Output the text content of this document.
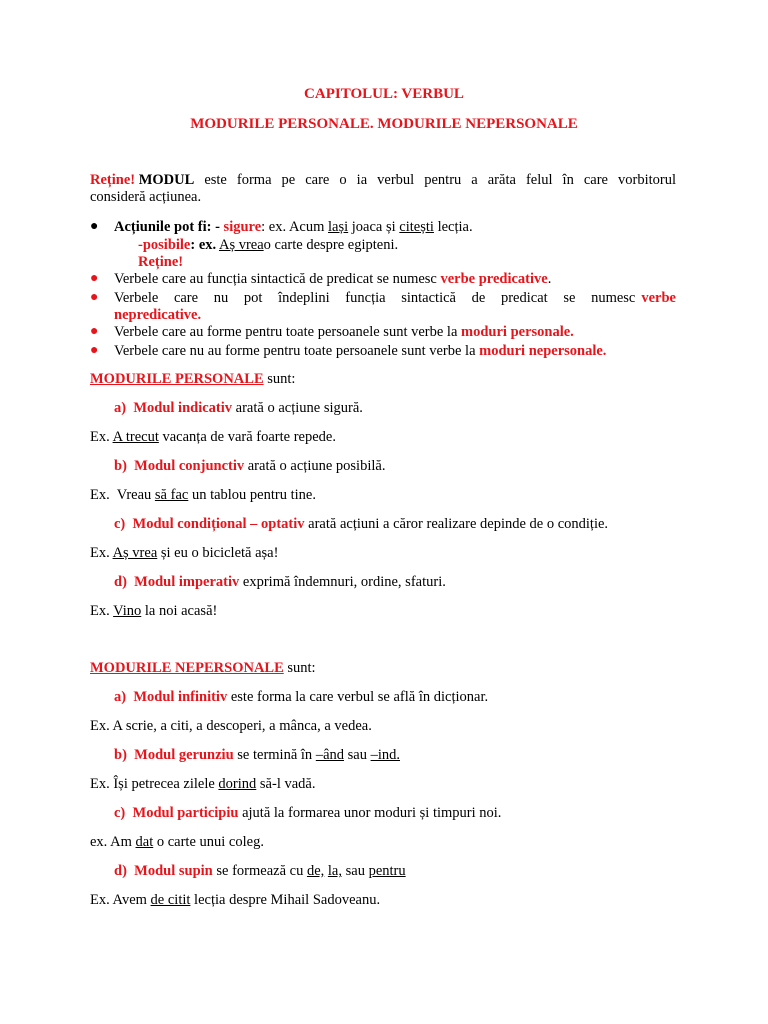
CAPITOLUL: VERBUL
MODURILE PERSONALE. MODURILE NEPERSONALE
Reține! MODUL este forma pe care o ia verbul pentru a arăta felul în care vorbitorul
consideră acțiunea.
● Acțiunile pot fi: - sigure: ex. Acum lași joaca și citești lecția.
-posibile: ex. Aș vreao carte despre egipteni.
Reține!
● Verbele care au funcția sintactică de predicat se numesc verbe predicative.
● Verbele care nu pot îndeplini funcția sintactică de predicat se numesc verbe
nepredicative.
● Verbele care au forme pentru toate persoanele sunt verbe la moduri personale.
● Verbele care nu au forme pentru toate persoanele sunt verbe la moduri nepersonale.
MODURILE PERSONALE sunt:
a) Modul indicativ arată o acțiune sigură.
Ex. A trecut vacanța de vară foarte repede.
b) Modul conjunctiv arată o acțiune posibilă.
Ex.  Vreau să fac un tablou pentru tine.
c) Modul condițional – optativ arată acțiuni a căror realizare depinde de o condiție.
Ex. Aș vrea și eu o bicicletă așa!
d) Modul imperativ exprimă îndemnuri, ordine, sfaturi.
Ex. Vino la noi acasă!
MODURILE NEPERSONALE sunt:
a) Modul infinitiv este forma la care verbul se află în dicționar.
Ex. A scrie, a citi, a descoperi, a mânca, a vedea.
b) Modul gerunziu se termină în –ând sau –ind.
Ex. Își petrecea zilele dorind să-l vadă.
c) Modul participiu ajută la formarea unor moduri și timpuri noi.
ex. Am dat o carte unui coleg.
d) Modul supin se formează cu de, la, sau pentru
Ex. Avem de citit lecția despre Mihail Sadoveanu.
